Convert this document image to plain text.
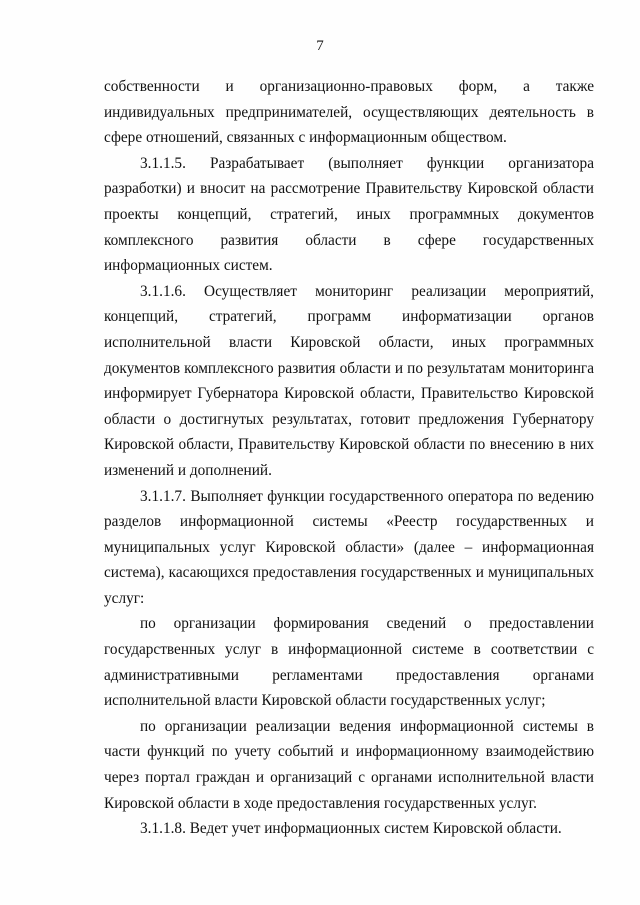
7

собственности и организационно-правовых форм, а также индивидуальных предпринимателей, осуществляющих деятельность в сфере отношений, связанных с информационным обществом.

3.1.1.5. Разрабатывает (выполняет функции организатора разработки) и вносит на рассмотрение Правительству Кировской области проекты концепций, стратегий, иных программных документов комплексного развития области в сфере государственных информационных систем.

3.1.1.6. Осуществляет мониторинг реализации мероприятий, концепций, стратегий, программ информатизации органов исполнительной власти Кировской области, иных программных документов комплексного развития области и по результатам мониторинга информирует Губернатора Кировской области, Правительство Кировской области о достигнутых результатах, готовит предложения Губернатору Кировской области, Правительству Кировской области по внесению в них изменений и дополнений.

3.1.1.7. Выполняет функции государственного оператора по ведению разделов информационной системы «Реестр государственных и муниципальных услуг Кировской области» (далее – информационная система), касающихся предоставления государственных и муниципальных услуг:

по организации формирования сведений о предоставлении государственных услуг в информационной системе в соответствии с административными регламентами предоставления органами исполнительной власти Кировской области государственных услуг;

по организации реализации ведения информационной системы в части функций по учету событий и информационному взаимодействию через портал граждан и организаций с органами исполнительной власти Кировской области в ходе предоставления государственных услуг.

3.1.1.8. Ведет учет информационных систем Кировской области.
